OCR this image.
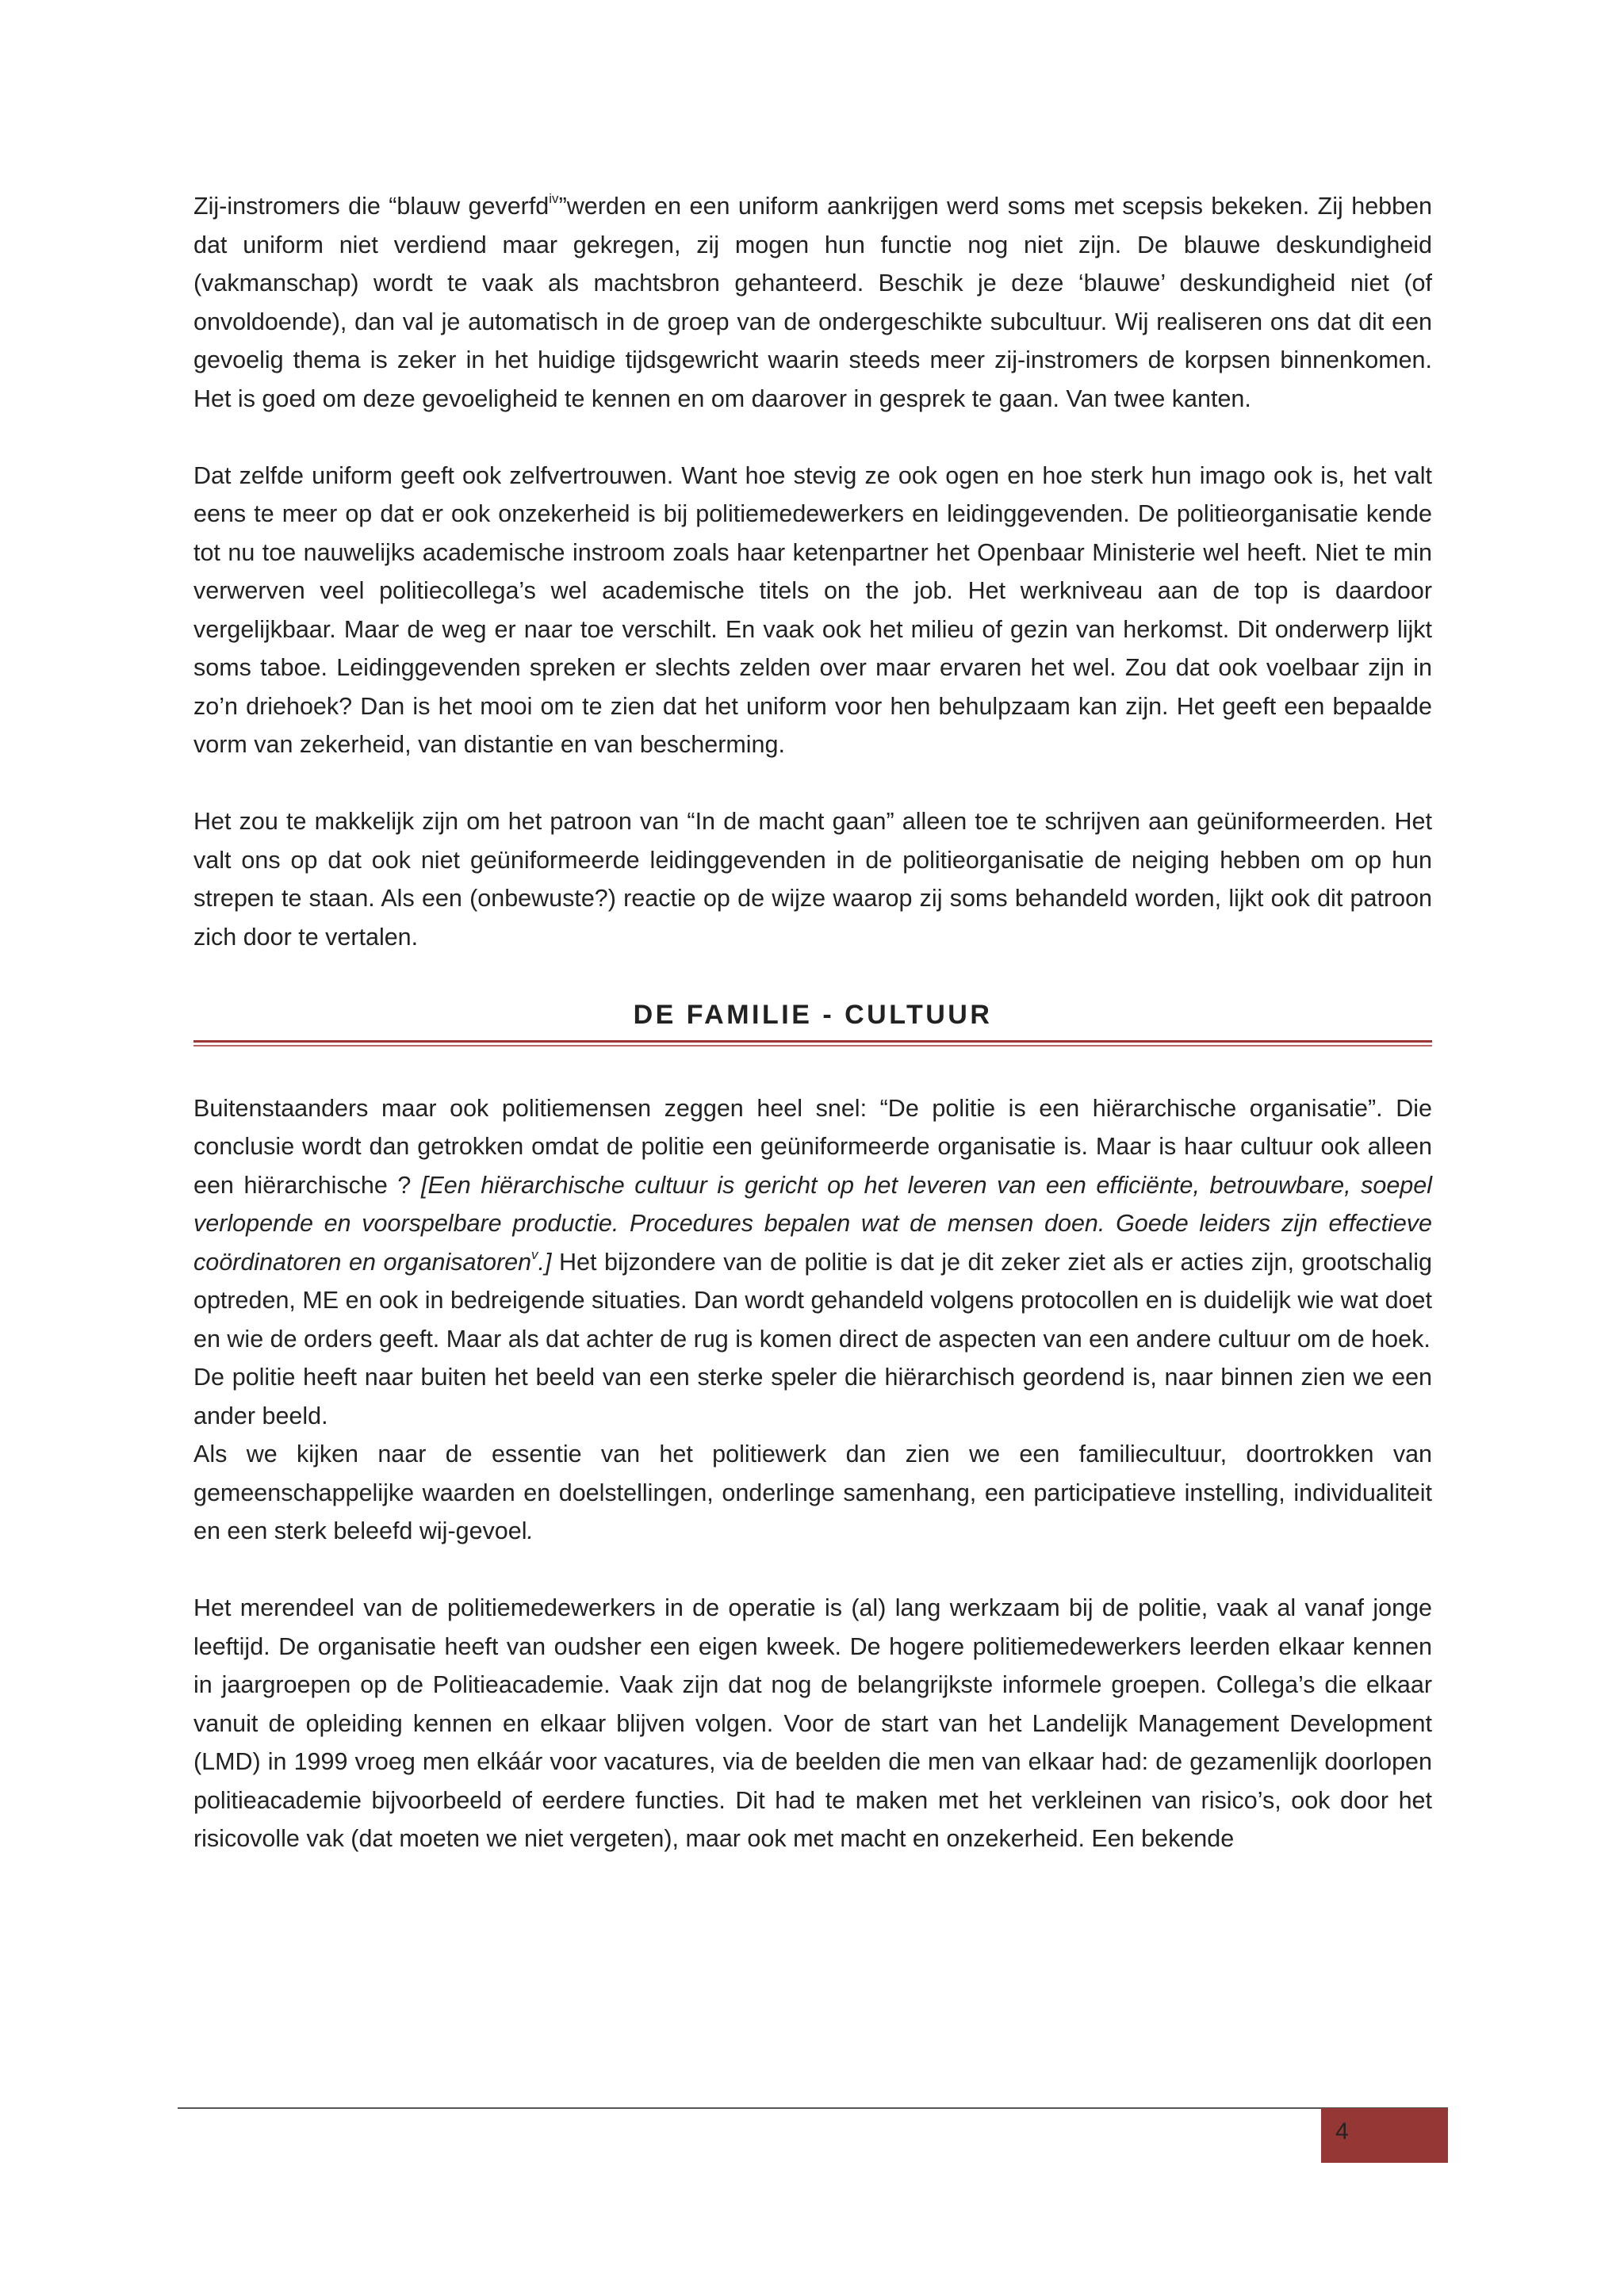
Zij-instromers die “blauw geverfd$^{iv}$”werden en een uniform aankrijgen werd soms met scepsis bekeken. Zij hebben dat uniform niet verdiend maar gekregen, zij mogen hun functie nog niet zijn. De blauwe deskundigheid (vakmanschap) wordt te vaak als machtsbron gehanteerd. Beschik je deze ‘blauwe’ deskundigheid niet (of onvoldoende), dan val je automatisch in de groep van de ondergeschikte subcultuur. Wij realiseren ons dat dit een gevoelig thema is zeker in het huidige tijdsgewricht waarin steeds meer zij-instromers de korpsen binnenkomen. Het is goed om deze gevoeligheid te kennen en om daarover in gesprek te gaan. Van twee kanten.

Dat zelfde uniform geeft ook zelfvertrouwen. Want hoe stevig ze ook ogen en hoe sterk hun imago ook is, het valt eens te meer op dat er ook onzekerheid is bij politiemedewerkers en leidinggevenden. De politieorganisatie kende tot nu toe nauwelijks academische instroom zoals haar ketenpartner het Openbaar Ministerie wel heeft. Niet te min verwerven veel politiecollega’s wel academische titels on the job. Het werkniveau aan de top is daardoor vergelijkbaar. Maar de weg er naar toe verschilt. En vaak ook het milieu of gezin van herkomst. Dit onderwerp lijkt soms taboe. Leidinggevenden spreken er slechts zelden over maar ervaren het wel. Zou dat ook voelbaar zijn in zo’n driehoek? Dan is het mooi om te zien dat het uniform voor hen behulpzaam kan zijn. Het geeft een bepaalde vorm van zekerheid, van distantie en van bescherming.

Het zou te makkelijk zijn om het patroon van “In de macht gaan” alleen toe te schrijven aan geüniformeerden. Het valt ons op dat ook niet geüniformeerde leidinggevenden in de politieorganisatie de neiging hebben om op hun strepen te staan. Als een (onbewuste?) reactie op de wijze waarop zij soms behandeld worden, lijkt ook dit patroon zich door te vertalen.

DE FAMILIE - CULTUUR

Buitenstaanders maar ook politiemensen zeggen heel snel: “De politie is een hiërarchische organisatie”. Die conclusie wordt dan getrokken omdat de politie een geüniformeerde organisatie is. Maar is haar cultuur ook alleen een hiërarchische ? [Een hiërarchische cultuur is gericht op het leveren van een efficiënte, betrouwbare, soepel verlopende en voorspelbare productie. Procedures bepalen wat de mensen doen. Goede leiders zijn effectieve coördinatoren en organisatoren$^v$.] Het bijzondere van de politie is dat je dit zeker ziet als er acties zijn, grootschalig optreden, ME en ook in bedreigende situaties. Dan wordt gehandeld volgens protocollen en is duidelijk wie wat doet en wie de orders geeft. Maar als dat achter de rug is komen direct de aspecten van een andere cultuur om de hoek.

De politie heeft naar buiten het beeld van een sterke speler die hiërarchisch geordend is, naar binnen zien we een ander beeld.

Als we kijken naar de essentie van het politiewerk dan zien we een familiecultuur, doortrokken van gemeenschappelijke waarden en doelstellingen, onderlinge samenhang, een participatieve instelling, individualiteit en een sterk beleefd wij-gevoel.

Het merendeel van de politiemedewerkers in de operatie is (al) lang werkzaam bij de politie, vaak al vanaf jonge leeftijd. De organisatie heeft van oudsher een eigen kweek. De hogere politiemedewerkers leerden elkaar kennen in jaargroepen op de Politieacademie. Vaak zijn dat nog de belangrijkste informele groepen. Collega’s die elkaar vanuit de opleiding kennen en elkaar blijven volgen. Voor de start van het Landelijk Management Development (LMD) in 1999 vroeg men elkáár voor vacatures, via de beelden die men van elkaar had: de gezamenlijk doorlopen politieacademie bijvoorbeeld of eerdere functies. Dit had te maken met het verkleinen van risico’s, ook door het risicovolle vak (dat moeten we niet vergeten), maar ook met macht en onzekerheid. Een bekende

4
